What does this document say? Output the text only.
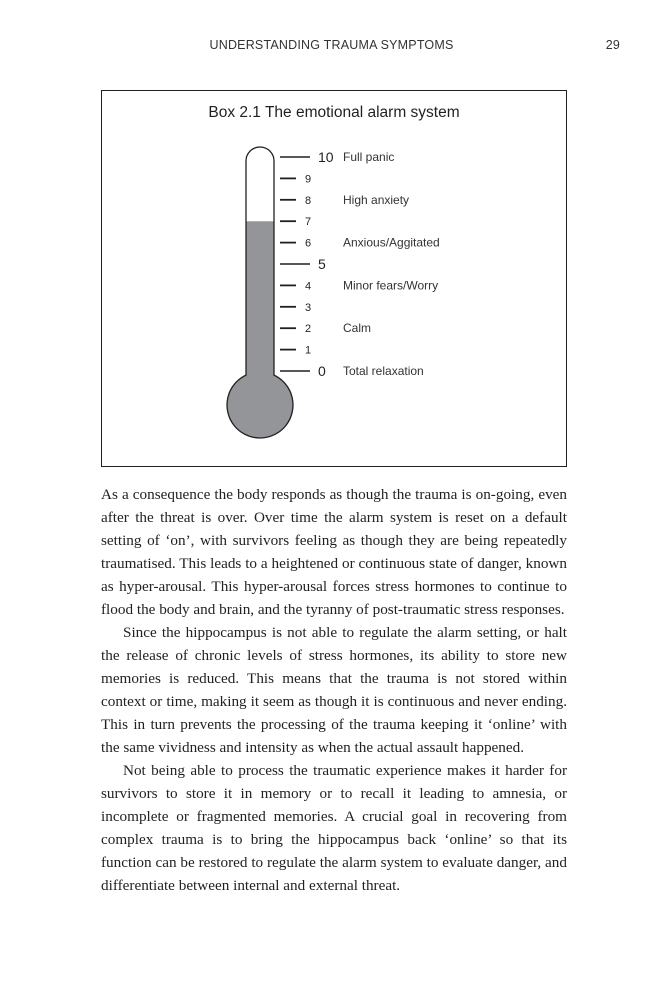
UNDERSTANDING TRAUMA SYMPTOMS	29
Box 2.1 The emotional alarm system
10
9
8
7
6
5
4
3
2
1
0
Full panic
High anxiety
Anxious/Aggitated
Minor fears/Worry
Calm
Total relaxation

As a consequence the body responds as though the trauma is on-going, even after the threat is over. Over time the alarm system is reset on a default setting of ‘on’, with survivors feeling as though they are being repeatedly traumatised. This leads to a heightened or continuous state of danger, known as hyper-arousal. This hyper-arousal forces stress hormones to continue to flood the body and brain, and the tyranny of post-traumatic stress responses.

Since the hippocampus is not able to regulate the alarm setting, or halt the release of chronic levels of stress hormones, its ability to store new memories is reduced. This means that the trauma is not stored within context or time, making it seem as though it is continuous and never ending. This in turn prevents the processing of the trauma keeping it ‘online’ with the same vividness and intensity as when the actual assault happened.

Not being able to process the traumatic experience makes it harder for survivors to store it in memory or to recall it leading to amnesia, or incomplete or fragmented memories. A crucial goal in recovering from complex trauma is to bring the hippocampus back ‘online’ so that its function can be restored to regulate the alarm system to evaluate danger, and differentiate between internal and external threat.
